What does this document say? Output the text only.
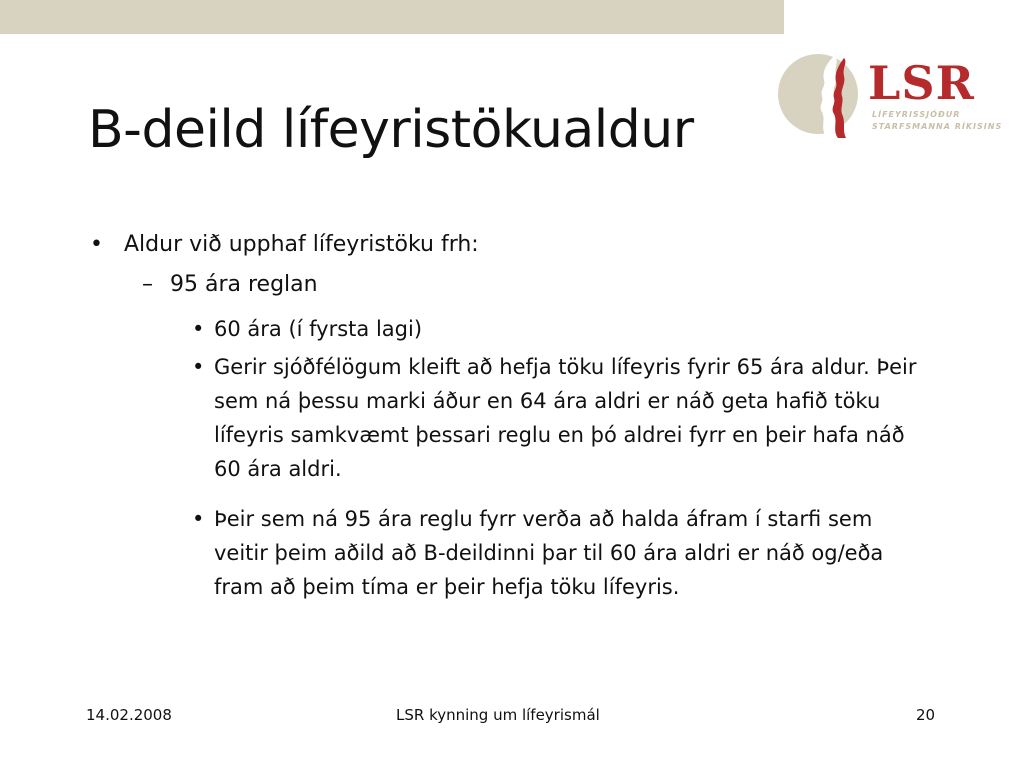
B-deild lífeyristökualdur
LSR
LÍFEYRISSJÓÐUR
STARFSMANNA RÍKISINS
• Aldur við upphaf lífeyristöku frh:
– 95 ára reglan
• 60 ára (í fyrsta lagi)
• Gerir sjóðfélögum kleift að hefja töku lífeyris fyrir 65 ára aldur. Þeir sem ná þessu marki áður en 64 ára aldri er náð geta hafið töku lífeyris samkvæmt þessari reglu en þó aldrei fyrr en þeir hafa náð 60 ára aldri.
• Þeir sem ná 95 ára reglu fyrr verða að halda áfram í starfi sem veitir þeim aðild að B-deildinni þar til 60 ára aldri er náð og/eða fram að þeim tíma er þeir hefja töku lífeyris.
14.02.2008	LSR kynning um lífeyrismál	20
